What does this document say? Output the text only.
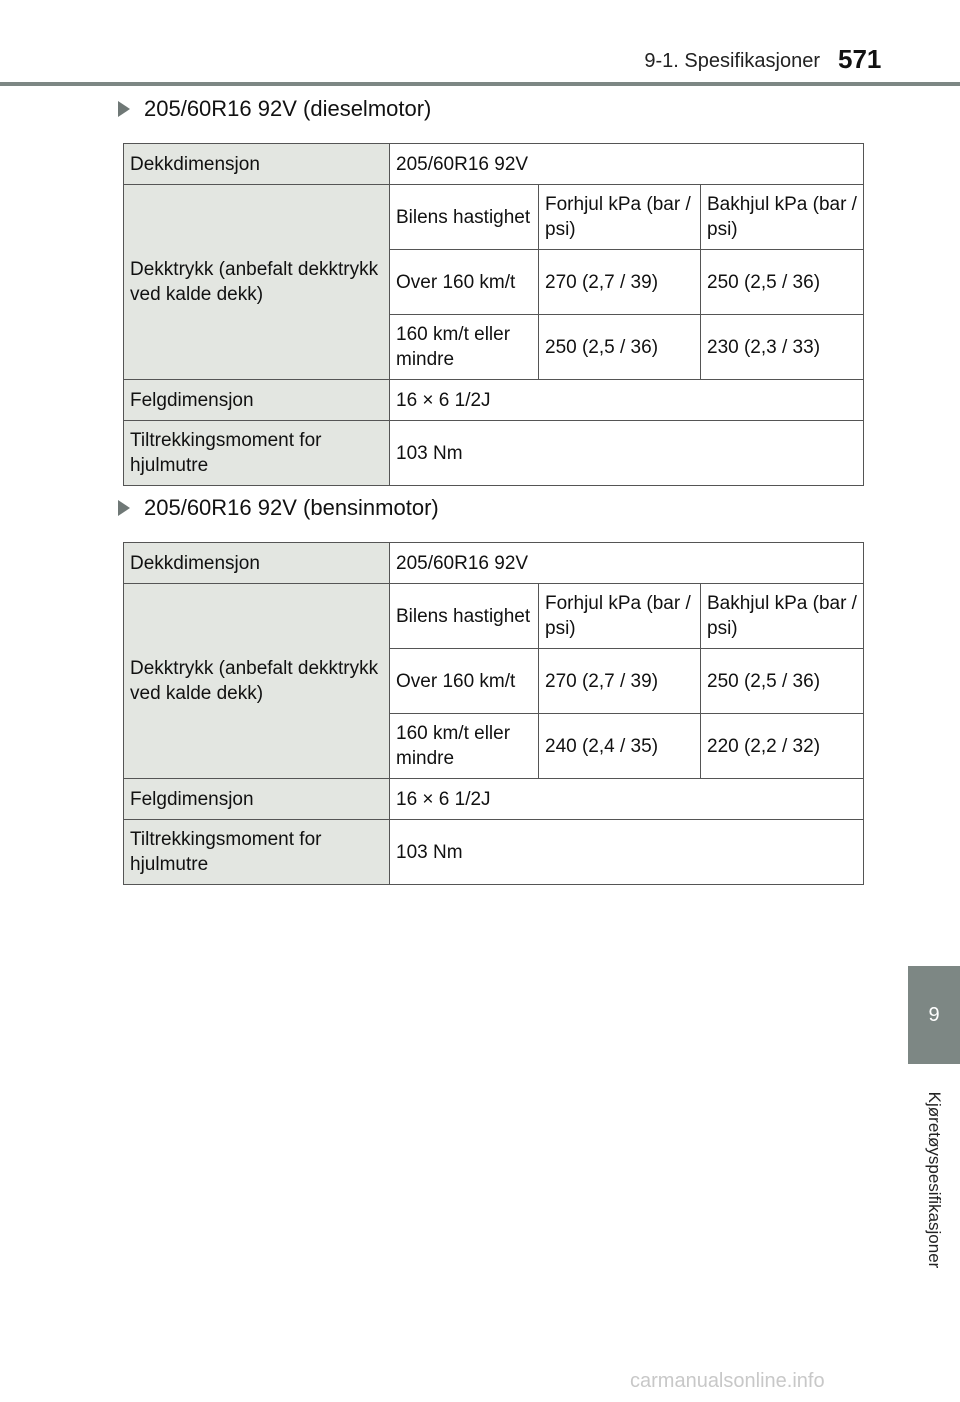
9-1. Spesifikasjoner 571
9
Kjøretøyspesifikasjoner
205/60R16 92V (dieselmotor)
Dekkdimensjon	205/60R16 92V		
Dekktrykk (anbefalt dekktrykk ved kalde dekk)	Bilens hastighet	Forhjul kPa (bar / psi)	Bakhjul kPa (bar / psi)
	Over 160 km/t	270 (2,7 / 39)	250 (2,5 / 36)
	160 km/t eller mindre	250 (2,5 / 36)	230 (2,3 / 33)
Felgdimensjon	16 × 6 1/2J		
Tiltrekkingsmoment for hjulmutre	103 Nm		
205/60R16 92V (bensinmotor)
Dekkdimensjon	205/60R16 92V		
Dekktrykk (anbefalt dekktrykk ved kalde dekk)	Bilens hastighet	Forhjul kPa (bar / psi)	Bakhjul kPa (bar / psi)
	Over 160 km/t	270 (2,7 / 39)	250 (2,5 / 36)
	160 km/t eller mindre	240 (2,4 / 35)	220 (2,2 / 32)
Felgdimensjon	16 × 6 1/2J		
Tiltrekkingsmoment for hjulmutre	103 Nm		
carmanualsonline.info
